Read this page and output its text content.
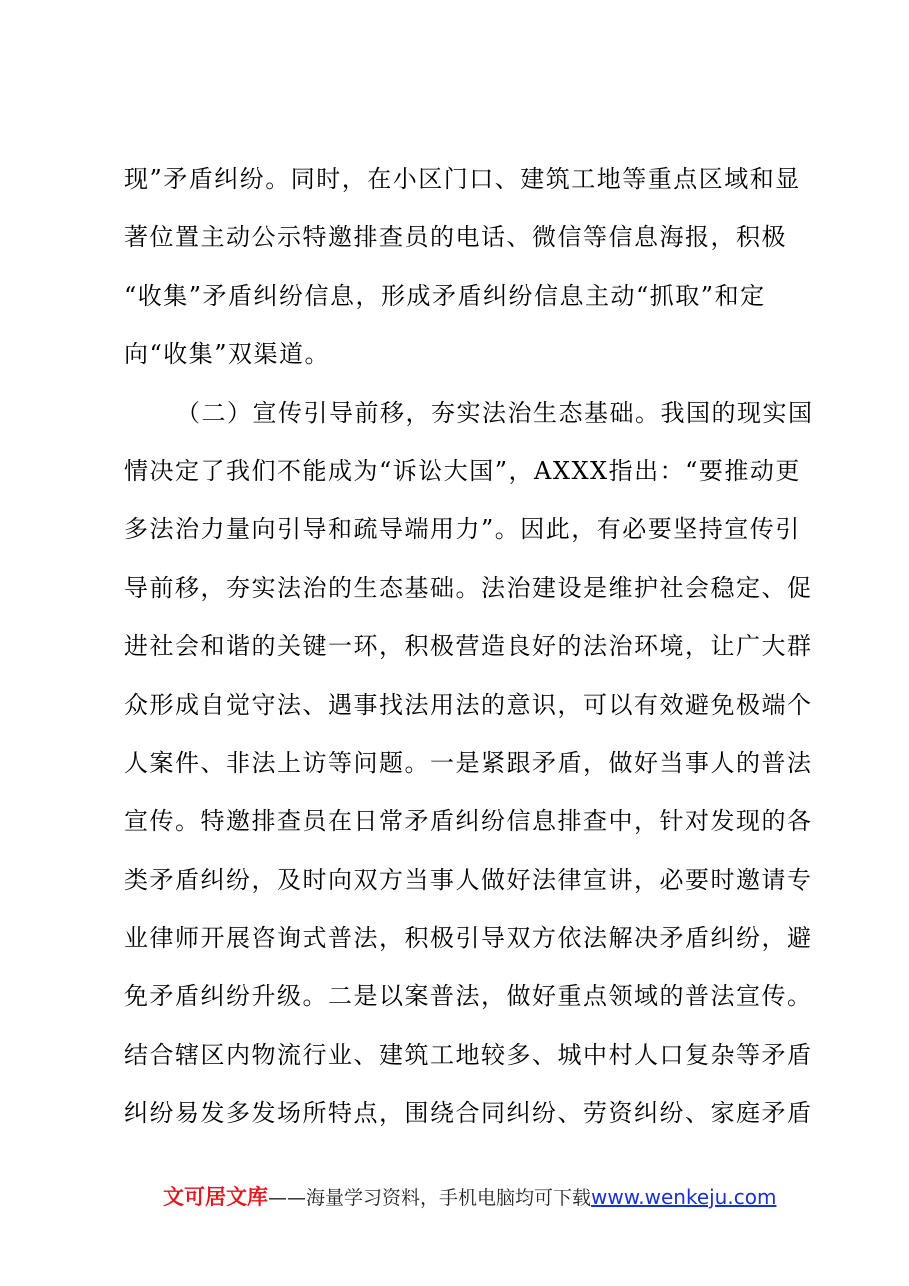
现”矛盾纠纷。同时，在小区门口、建筑工地等重点区域和显
著位置主动公示特邀排查员的电话、微信等信息海报，积极
“收集”矛盾纠纷信息，形成矛盾纠纷信息主动“抓取”和定
向“收集”双渠道。
（二）宣传引导前移，夯实法治生态基础。我国的现实国
情决定了我们不能成为“诉讼大国”，AXXX指出：“要推动更
多法治力量向引导和疏导端用力”。因此，有必要坚持宣传引
导前移，夯实法治的生态基础。法治建设是维护社会稳定、促
进社会和谐的关键一环，积极营造良好的法治环境，让广大群
众形成自觉守法、遇事找法用法的意识，可以有效避免极端个
人案件、非法上访等问题。一是紧跟矛盾，做好当事人的普法
宣传。特邀排查员在日常矛盾纠纷信息排查中，针对发现的各
类矛盾纠纷，及时向双方当事人做好法律宣讲，必要时邀请专
业律师开展咨询式普法，积极引导双方依法解决矛盾纠纷，避
免矛盾纠纷升级。二是以案普法，做好重点领域的普法宣传。
结合辖区内物流行业、建筑工地较多、城中村人口复杂等矛盾
纠纷易发多发场所特点，围绕合同纠纷、劳资纠纷、家庭矛盾
文可居文库——海量学习资料，手机电脑均可下载www.wenkeju.com
